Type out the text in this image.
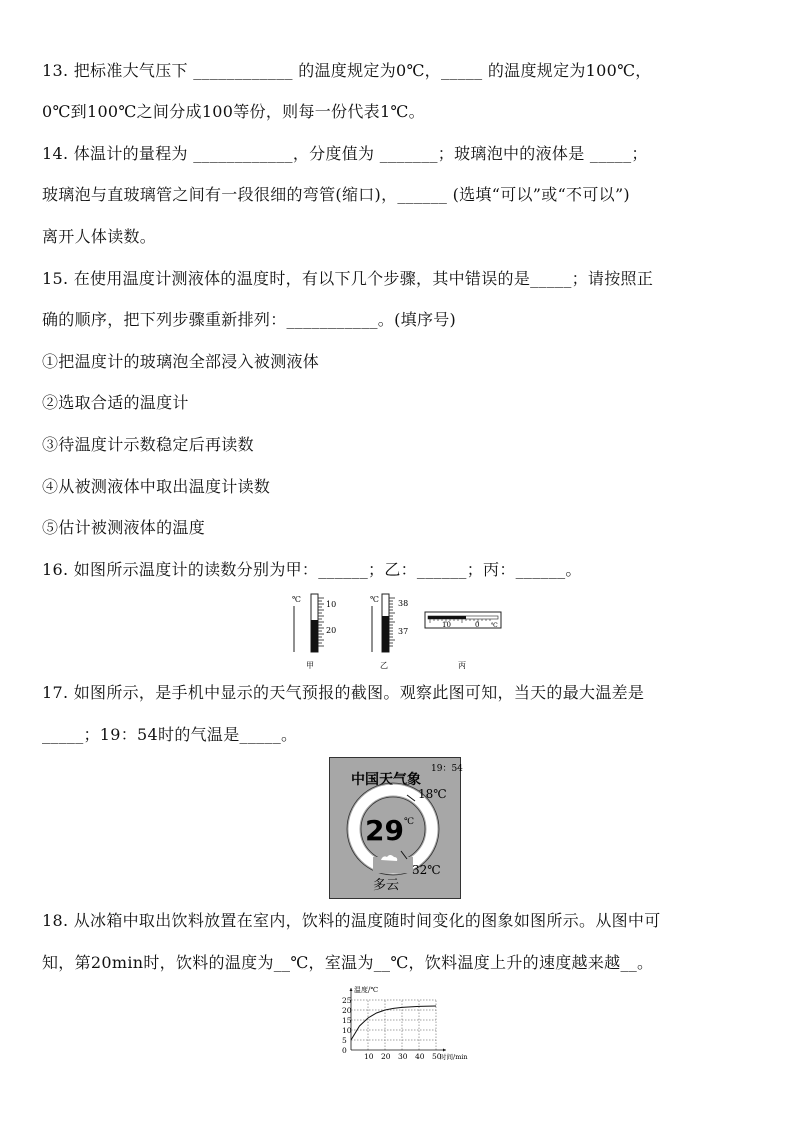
13. 把标准大气压下 ____________ 的温度规定为0℃，_____ 的温度规定为100℃，
0℃到100℃之间分成100等份，则每一份代表1℃。
14. 体温计的量程为 ____________，分度值为 _______；玻璃泡中的液体是 _____；
玻璃泡与直玻璃管之间有一段很细的弯管(缩口)，______ (选填“可以”或“不可以”)
离开人体读数。
15. 在使用温度计测液体的温度时，有以下几个步骤，其中错误的是_____；请按照正
确的顺序，把下列步骤重新排列：___________。(填序号)
①把温度计的玻璃泡全部浸入被测液体
②选取合适的温度计
③待温度计示数稳定后再读数
④从被测液体中取出温度计读数
⑤估计被测液体的温度
16. 如图所示温度计的读数分别为甲：______；乙：______；丙：______。
℃
10
20
甲
℃ 38
37
乙
10	0 ℃
丙
17. 如图所示，是手机中显示的天气预报的截图。观察此图可知，当天的最大温差是
_____；19：54时的气温是_____。
19：54
中国天气象
29 ℃
18℃
32℃
多云
18. 从冰箱中取出饮料放置在室内，饮料的温度随时间变化的图象如图所示。从图中可
知，第20min时，饮料的温度为__℃，室温为__℃，饮料温度上升的速度越来越__。
10 20 30 40 50
0
5
10
15
20
25
温度/℃
时间/min
